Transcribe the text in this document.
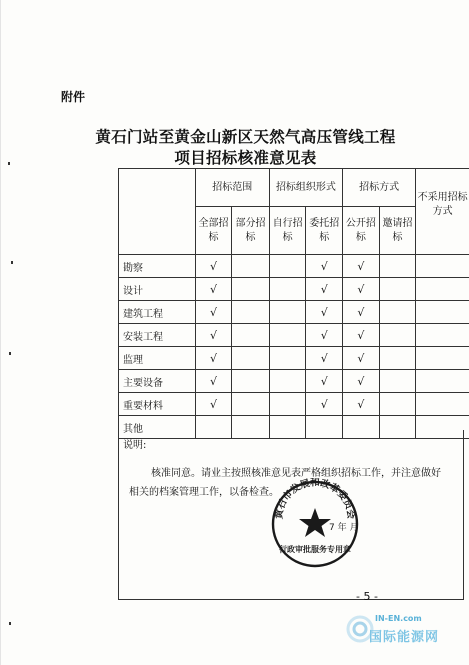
附件
黄石门站至黄金山新区天然气高压管线工程
项目招标核准意见表
	招标范围		招标组织形式		招标方式		不采用招标方式
	全部招标	部分招标	自行招标	委托招标	公开招标	邀请招标	
勘察	√			√	√		
设计	√			√	√		
建筑工程	√			√	√		
安装工程	√			√	√		
监理	√			√	√		
主要设备	√			√	√		
重要材料	√			√	√		
其他							
说明:
核准同意。请业主按照核准意见表严格组织招标工作，并注意做好相关的档案管理工作，以备检查。
黄石市发展和改革委员会
行政审批服务专用章
7 年 月
- 5 -
IN-EN.com
国际能源网
